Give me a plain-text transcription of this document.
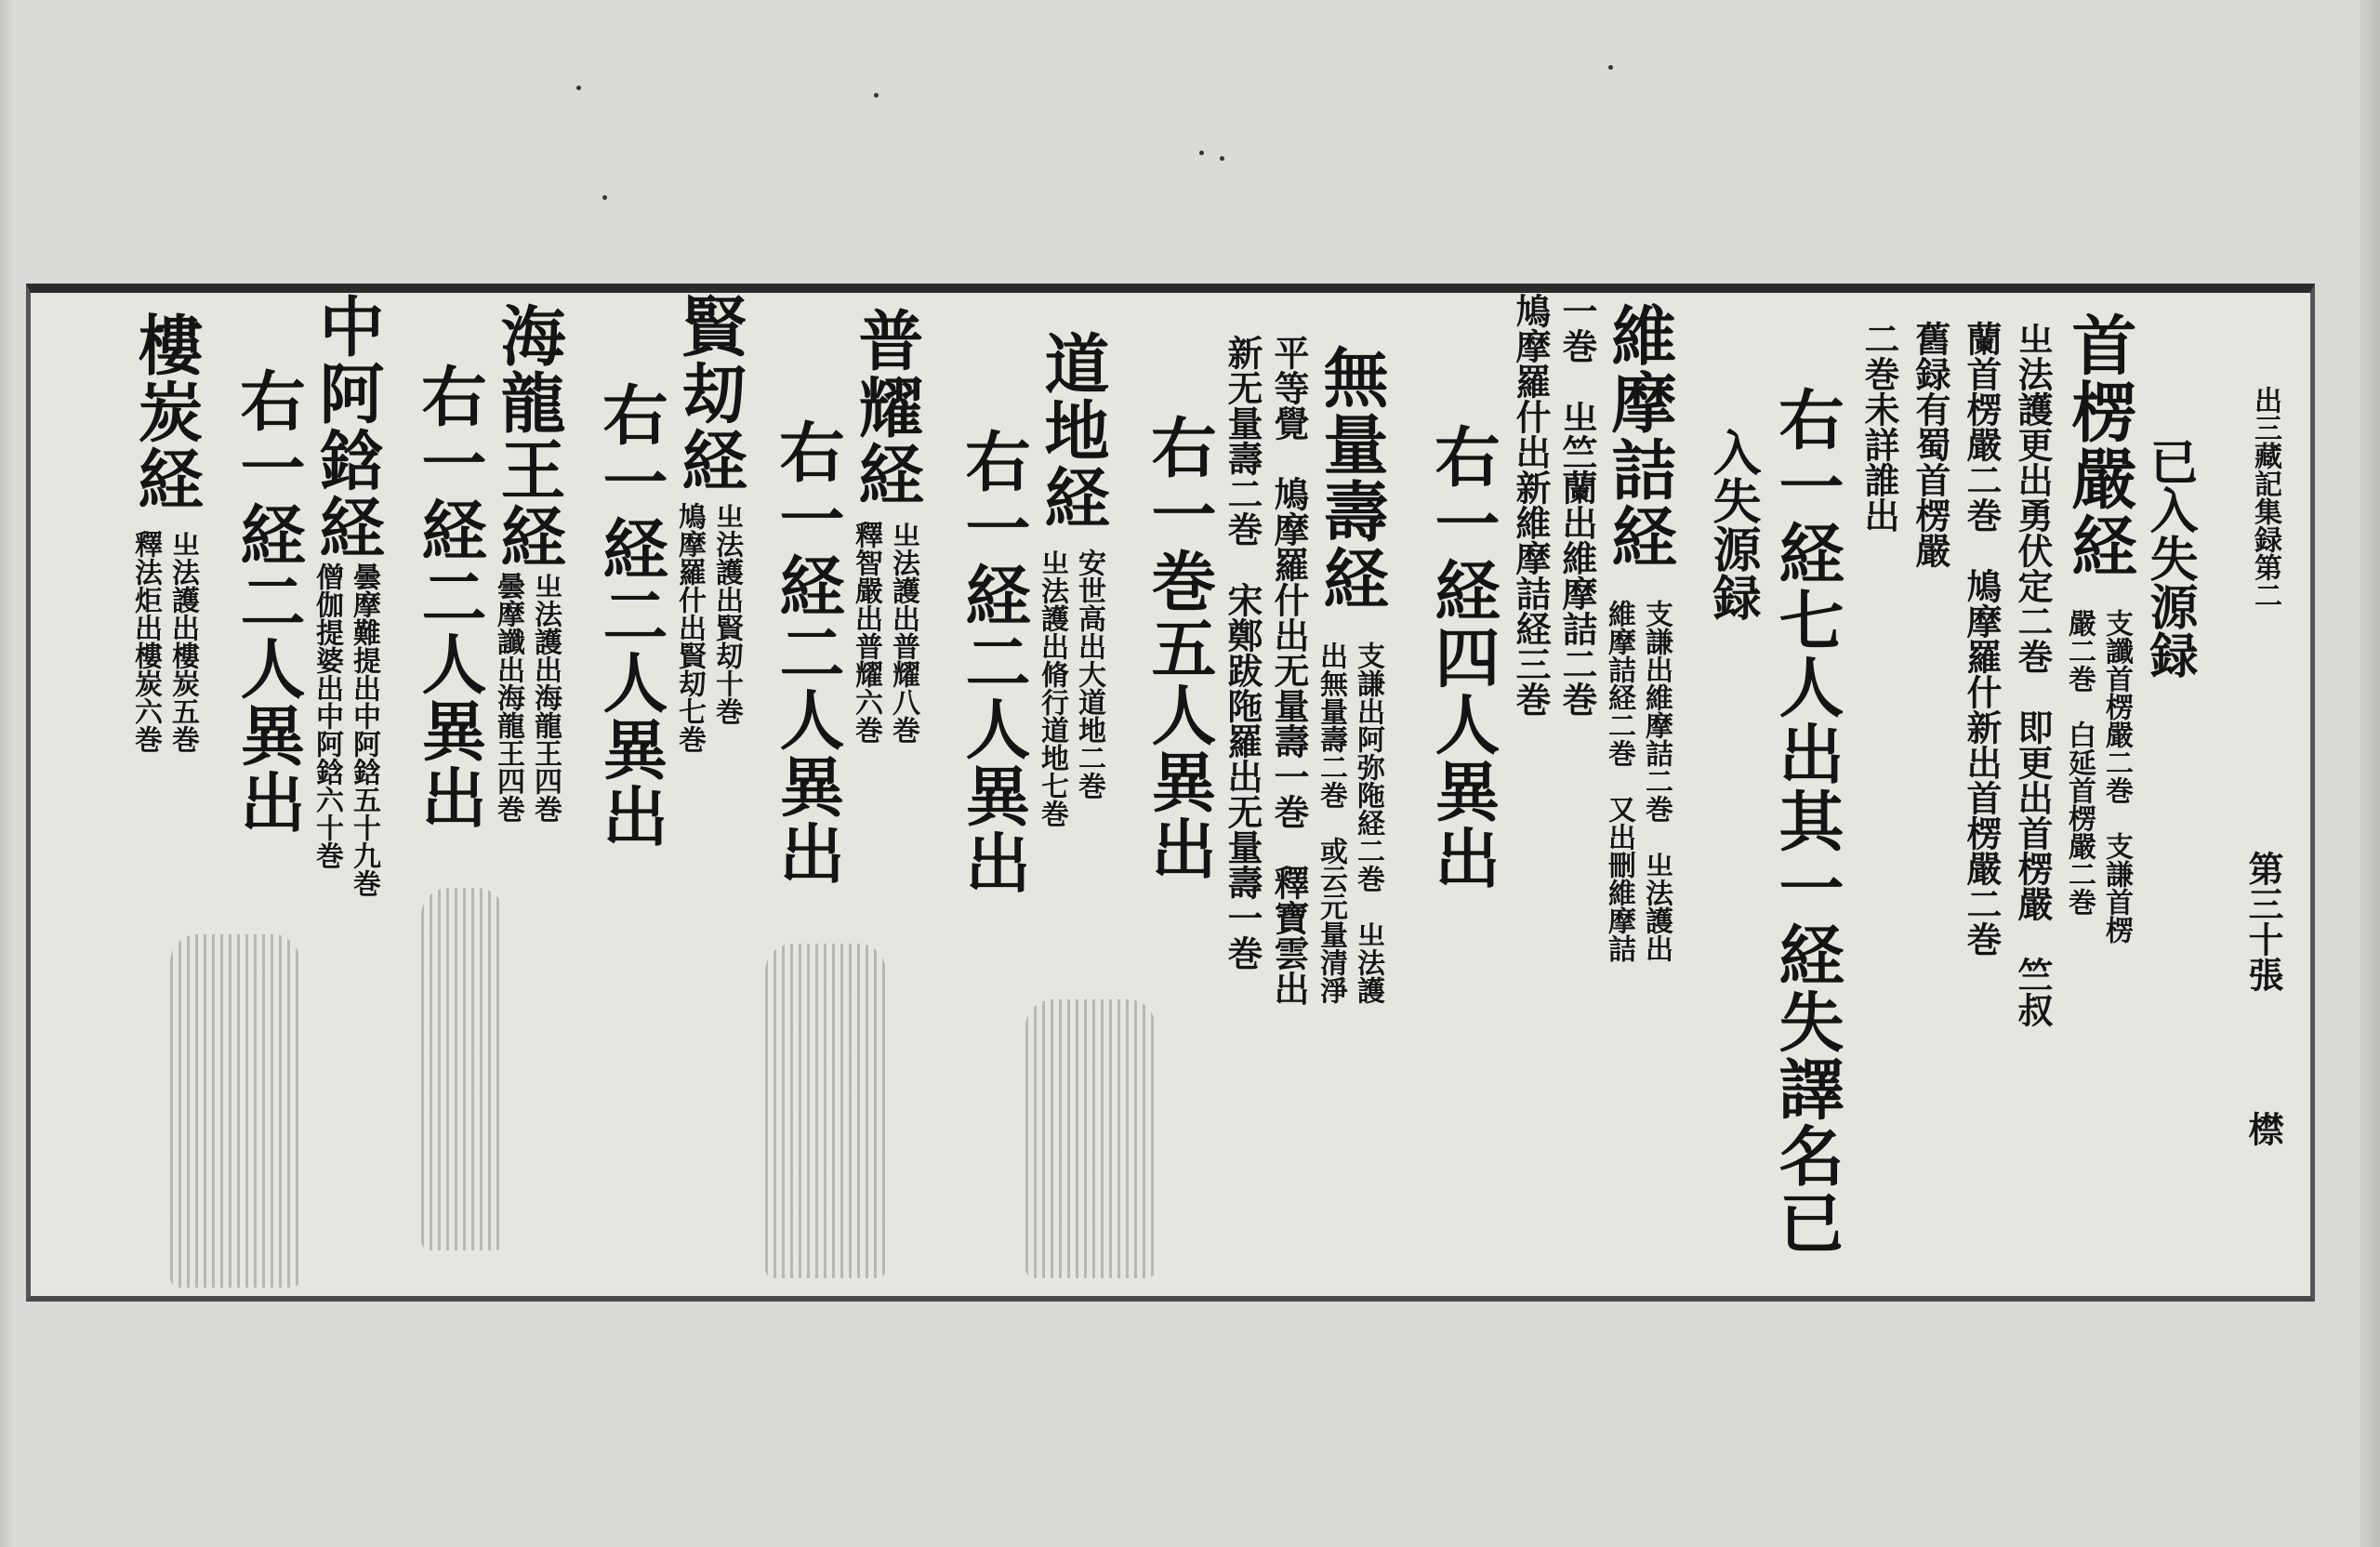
出三藏記集録第二
第三十張
㯲
已入失源録
首楞嚴経
支讖首楞嚴二巻　支謙首楞
嚴二巻　白延首楞嚴二巻
㞢法護更出勇伏定二巻　即更出首楞嚴　竺叔
蘭首楞嚴二巻　鳩摩羅什新出首楞嚴二巻
舊録有蜀首楞嚴
二巻未詳誰出
右一経七人出其一経失譯名已
入失源録
維摩詰経
支謙出維摩詰二巻　㞢法護出
維摩詰経二巻　又出刪維摩詰
一巻　㞢竺蘭出維摩詰二巻
鳩摩羅什出新維摩詰経三巻
右一経四人異出
無量壽経
支謙出阿弥陁経二巻　㞢法護
出無量壽二巻　或云元量清淨
平等覺　鳩摩羅什出无量壽一巻　釋寶雲出
新无量壽二巻　宋鄭跋陁羅出无量壽一巻
右一巻五人異出
道地経
安世高出大道地二巻
㞢法護出脩行道地七巻
右一経二人異出
普耀経
㞢法護出普耀八巻
釋智嚴出普耀六巻
右一経二人異出
賢刧経
㞢法護出賢刧十巻
鳩摩羅什出賢刧七巻
右一経二人異出
海龍王経
㞢法護出海龍王四巻
曇摩讖出海龍王四巻
右一経二人異出
中阿鋡経
曇摩難提出中阿鋡五十九巻
僧伽提婆出中阿鋡六十巻
右一経二人異出
樓炭経
㞢法護出樓炭五巻
釋法炬出樓炭六巻
